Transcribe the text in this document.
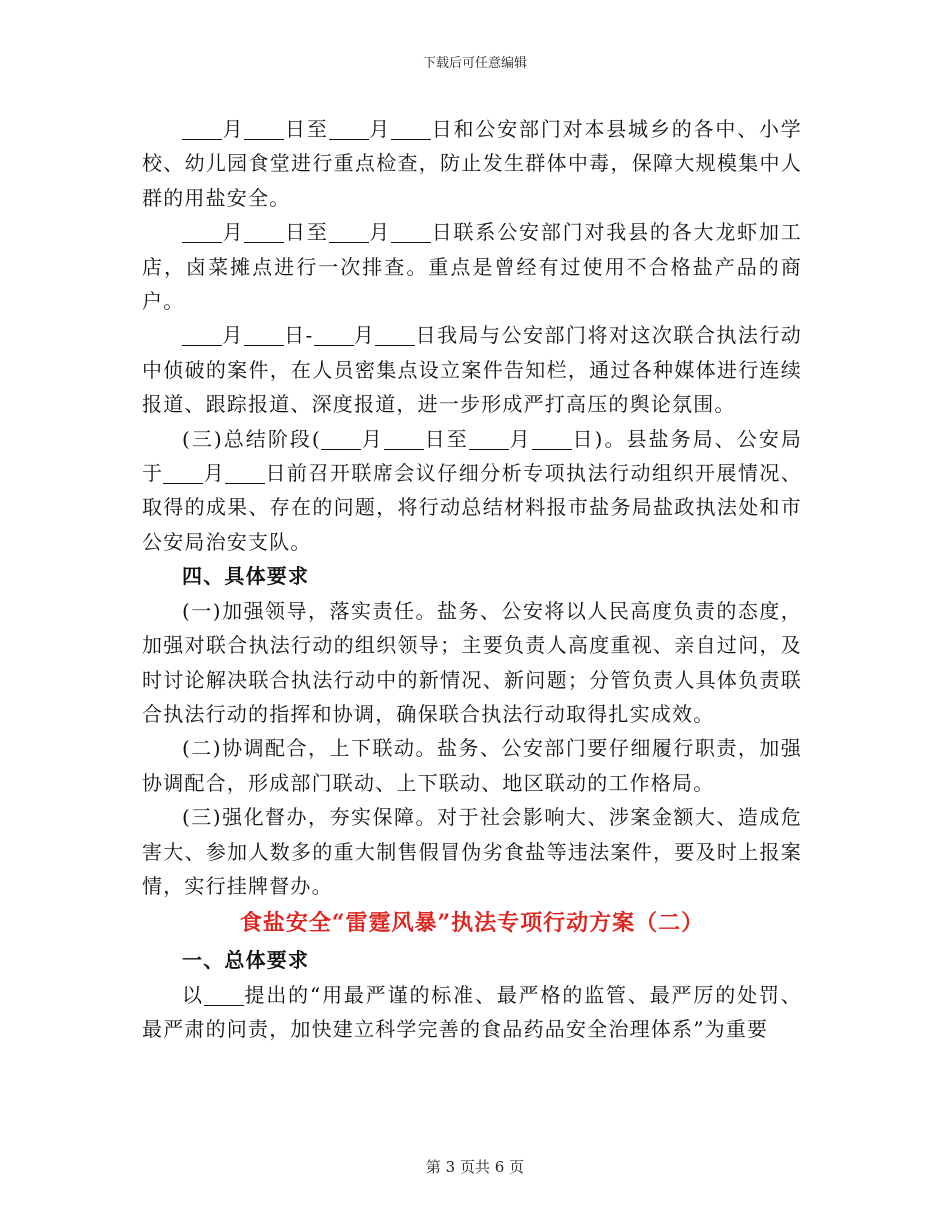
下载后可任意编辑

月 日至 月 日和公安部门对本县城乡的各中、小学校、幼儿园食堂进行重点检查，防止发生群体中毒，保障大规模集中人群的用盐安全。

月 日至 月 日联系公安部门对我县的各大龙虾加工店，卤菜摊点进行一次排查。重点是曾经有过使用不合格盐产品的商户。

月 日- 月 日我局与公安部门将对这次联合执法行动中侦破的案件，在人员密集点设立案件告知栏，通过各种媒体进行连续报道、跟踪报道、深度报道，进一步形成严打高压的舆论氛围。

(三)总结阶段( 月 日至 月 日)。县盐务局、公安局于 月 日前召开联席会议仔细分析专项执法行动组织开展情况、取得的成果、存在的问题，将行动总结材料报市盐务局盐政执法处和市公安局治安支队。

四、具体要求

(一)加强领导，落实责任。盐务、公安将以人民高度负责的态度，加强对联合执法行动的组织领导；主要负责人高度重视、亲自过问，及时讨论解决联合执法行动中的新情况、新问题；分管负责人具体负责联合执法行动的指挥和协调，确保联合执法行动取得扎实成效。

(二)协调配合，上下联动。盐务、公安部门要仔细履行职责，加强协调配合，形成部门联动、上下联动、地区联动的工作格局。

(三)强化督办，夯实保障。对于社会影响大、涉案金额大、造成危害大、参加人数多的重大制售假冒伪劣食盐等违法案件，要及时上报案情，实行挂牌督办。

食盐安全“雷霆风暴”执法专项行动方案（二）

一、总体要求

以 提出的“用最严谨的标准、最严格的监管、最严厉的处罚、最严肃的问责，加快建立科学完善的食品药品安全治理体系”为重要

第 3 页共 6 页
